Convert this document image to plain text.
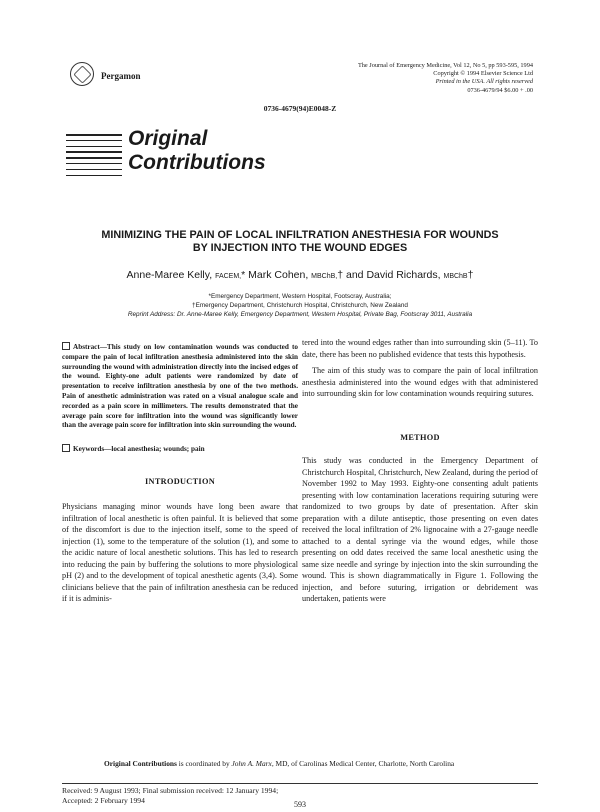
Pergamon
The Journal of Emergency Medicine, Vol 12, No 5, pp 593-595, 1994
Copyright © 1994 Elsevier Science Ltd
Printed in the USA. All rights reserved
0736-4679/94 $6.00 + .00
0736-4679(94)E0048-Z
Original
Contributions
MINIMIZING THE PAIN OF LOCAL INFILTRATION ANESTHESIA FOR WOUNDS
BY INJECTION INTO THE WOUND EDGES
Anne-Maree Kelly, FACEM,* Mark Cohen, MBChB,† and David Richards, MBChB†
*Emergency Department, Western Hospital, Footscray, Australia;
†Emergency Department, Christchurch Hospital, Christchurch, New Zealand
Reprint Address: Dr. Anne-Maree Kelly, Emergency Department, Western Hospital, Private Bag, Footscray 3011, Australia
Abstract—This study on low contamination wounds was conducted to compare the pain of local infiltration anesthesia administered into the skin surrounding the wound with administration directly into the incised edges of the wound. Eighty-one adult patients were randomized by date of presentation to receive infiltration anesthesia by one of the two methods. Pain of anesthetic administration was rated on a visual analogue scale and recorded as a pain score in millimeters. The results demonstrated that the average pain score for infiltration into the wound was significantly lower than the average pain score for infiltration into skin surrounding the wound.
Keywords—local anesthesia; wounds; pain
INTRODUCTION

Physicians managing minor wounds have long been aware that infiltration of local anesthetic is often painful. It is believed that some of the discomfort is due to the injection itself, some to the speed of injection (1), some to the temperature of the solution (1), and some to the acidic nature of local anesthetic solutions. This has led to research into reducing the pain by buffering the solutions to more physiological pH (2) and to the development of topical anesthetic agents (3,4). Some clinicians believe that the pain of infiltration anesthesia can be reduced if it is adminis-

tered into the wound edges rather than into surrounding skin (5–11). To date, there has been no published evidence that tests this hypothesis.

The aim of this study was to compare the pain of local infiltration anesthesia administered into the wound edges with that administered into surrounding skin for low contamination wounds requiring sutures.

METHOD

This study was conducted in the Emergency Department of Christchurch Hospital, Christchurch, New Zealand, during the period of November 1992 to May 1993. Eighty-one consenting adult patients presenting with low contamination lacerations requiring suturing were randomized to two groups by date of presentation. After skin preparation with a dilute antiseptic, those presenting on even dates received the local infiltration of 2% lignocaine with a 27-gauge needle attached to a dental syringe via the wound edges, while those presenting on odd dates received the same local anesthetic using the same size needle and syringe by injection into the skin surrounding the wound. This is shown diagrammatically in Figure 1. Following the injection, and before suturing, irrigation or debridement was undertaken, patients were

Original Contributions is coordinated by John A. Marx, MD, of Carolinas Medical Center, Charlotte, North Carolina
Received: 9 August 1993; Final submission received: 12 January 1994;
Accepted: 2 February 1994	593
